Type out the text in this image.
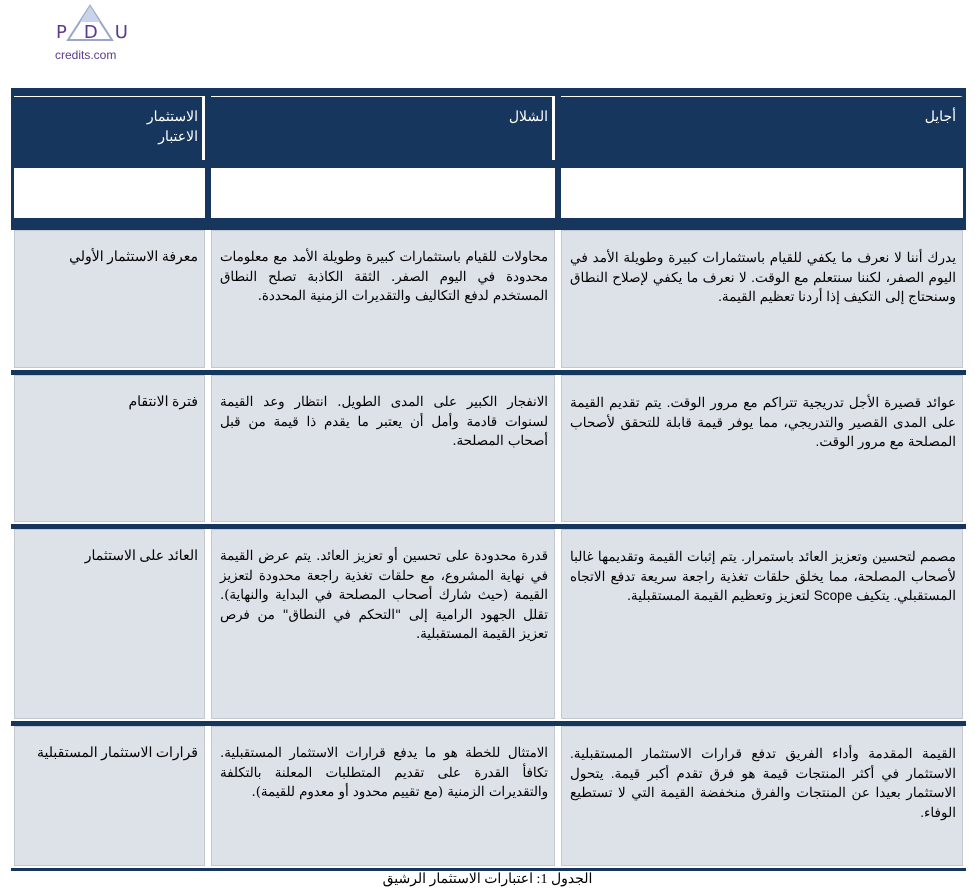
P D U
credits.com
أجايل
الشلال
الاستثمار
الاعتبار
يدرك أننا لا نعرف ما يكفي للقيام باستثمارات كبيرة وطويلة الأمد في اليوم الصفر، لكننا سنتعلم مع الوقت. لا نعرف ما يكفي لإصلاح النطاق وسنحتاج إلى التكيف إذا أردنا تعظيم القيمة.
محاولات للقيام باستثمارات كبيرة وطويلة الأمد مع معلومات محدودة في اليوم الصفر. الثقة الكاذبة تصلح النطاق المستخدم لدفع التكاليف والتقديرات الزمنية المحددة.
معرفة الاستثمار الأولي
عوائد قصيرة الأجل تدريجية تتراكم مع مرور الوقت. يتم تقديم القيمة على المدى القصير والتدريجي، مما يوفر قيمة قابلة للتحقق لأصحاب المصلحة مع مرور الوقت.
الانفجار الكبير على المدى الطويل. انتظار وعد القيمة لسنوات قادمة وأمل أن يعتبر ما يقدم ذا قيمة من قبل أصحاب المصلحة.
فترة الانتقام
مصمم لتحسين وتعزيز العائد باستمرار. يتم إثبات القيمة وتقديمها غالبا لأصحاب المصلحة، مما يخلق حلقات تغذية راجعة سريعة تدفع الاتجاه المستقبلي. يتكيف Scope لتعزيز وتعظيم القيمة المستقبلية.
قدرة محدودة على تحسين أو تعزيز العائد. يتم عرض القيمة في نهاية المشروع، مع حلقات تغذية راجعة محدودة لتعزيز القيمة (حيث شارك أصحاب المصلحة في البداية والنهاية). تقلل الجهود الرامية إلى "التحكم في النطاق" من فرص تعزيز القيمة المستقبلية.
العائد على الاستثمار
القيمة المقدمة وأداء الفريق تدفع قرارات الاستثمار المستقبلية. الاستثمار في أكثر المنتجات قيمة هو فرق تقدم أكبر قيمة. يتحول الاستثمار بعيدا عن المنتجات والفرق منخفضة القيمة التي لا تستطيع الوفاء.
الامتثال للخطة هو ما يدفع قرارات الاستثمار المستقبلية. تكافأ القدرة على تقديم المتطلبات المعلنة بالتكلفة والتقديرات الزمنية (مع تقييم محدود أو معدوم للقيمة).
قرارات الاستثمار المستقبلية
الجدول 1: اعتبارات الاستثمار الرشيق
